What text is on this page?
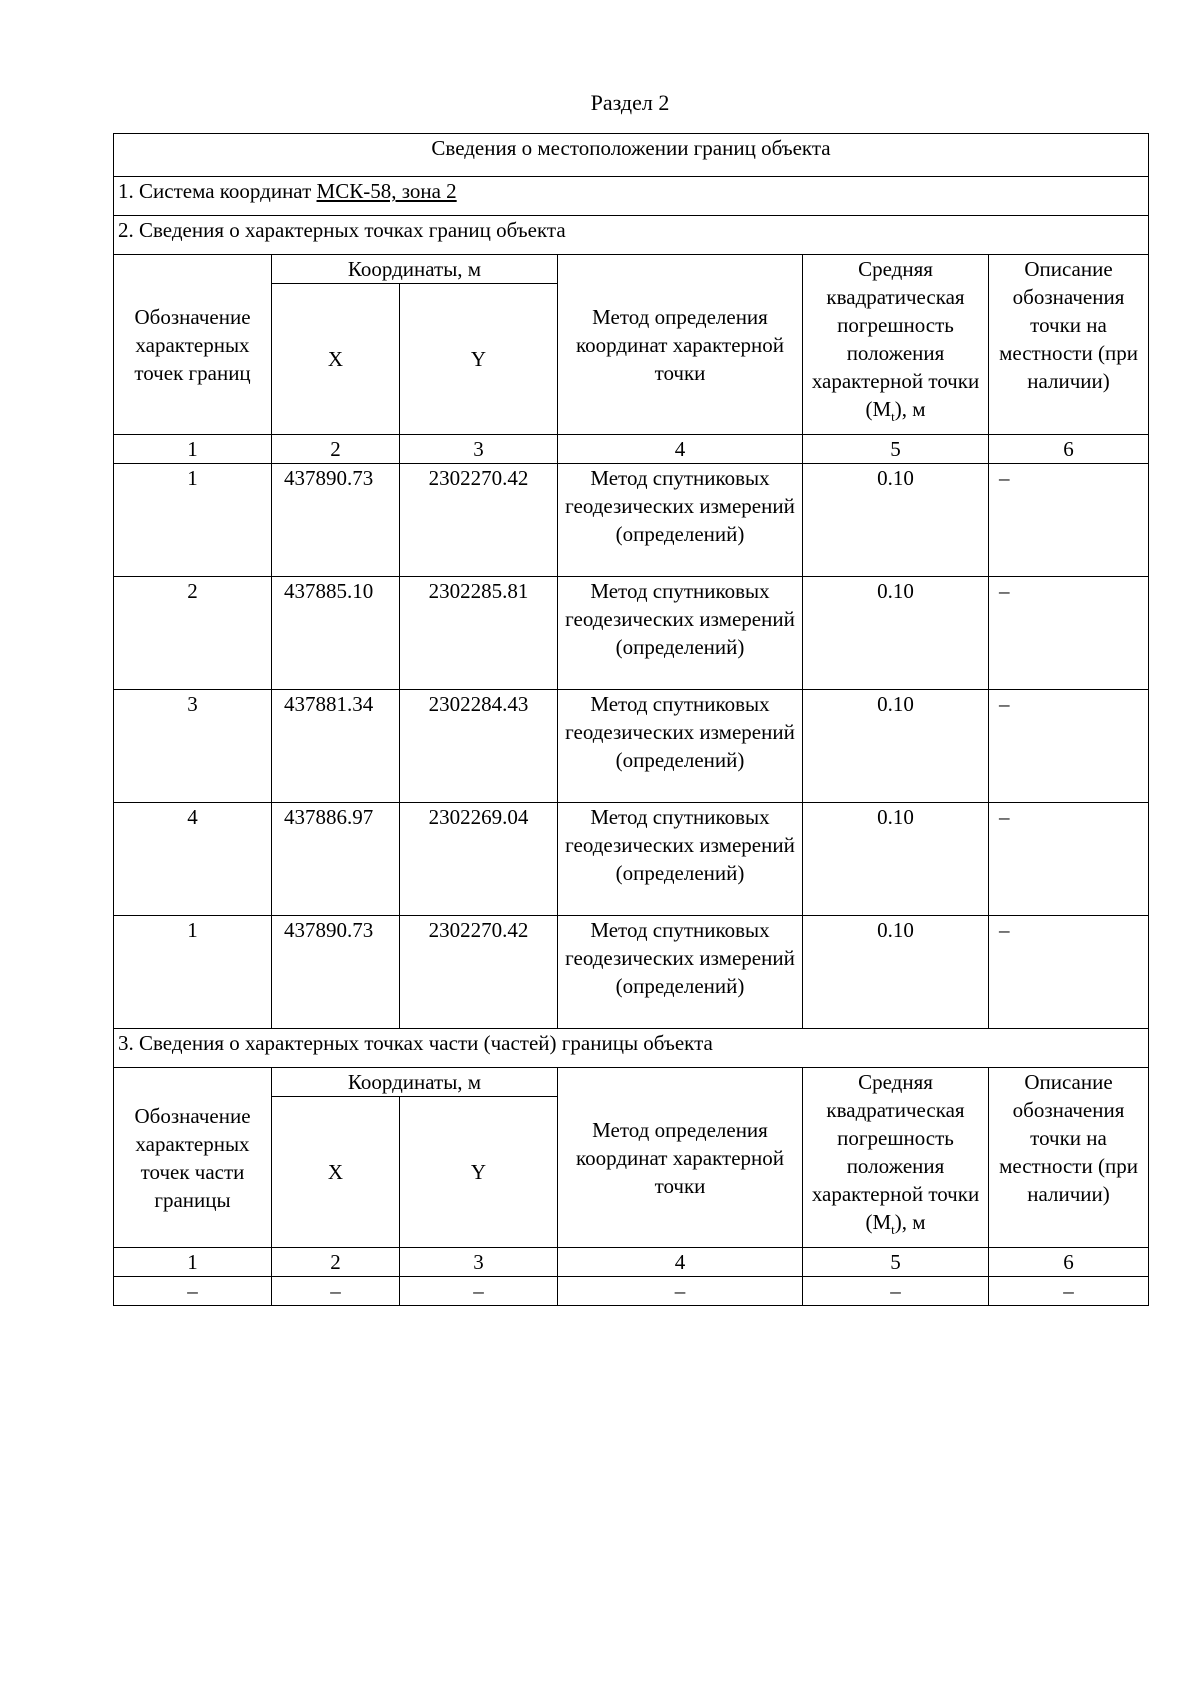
Раздел 2
Сведения о местоположении границ объекта					
1. Система координат МСК-58, зона 2					
2. Сведения о характерных точках границ объекта					
Обозначение характерных точек границ	Координаты, м		Метод определения координат характерной точки	Средняя квадратическая погрешность положения характерной точки $(M_t)$, м	Описание обозначения точки на местности (при наличии)
	X	Y			
1	2	3	4	5	6
1	437890.73	2302270.42	Метод спутниковых геодезических измерений (определений)	0.10	–
2	437885.10	2302285.81	Метод спутниковых геодезических измерений (определений)	0.10	–
3	437881.34	2302284.43	Метод спутниковых геодезических измерений (определений)	0.10	–
4	437886.97	2302269.04	Метод спутниковых геодезических измерений (определений)	0.10	–
1	437890.73	2302270.42	Метод спутниковых геодезических измерений (определений)	0.10	–
3. Сведения о характерных точках части (частей) границы объекта					
Обозначение характерных точек части границы	Координаты, м		Метод определения координат характерной точки	Средняя квадратическая погрешность положения характерной точки $(M_t)$, м	Описание обозначения точки на местности (при наличии)
	X	Y			
1	2	3	4	5	6
–	–	–	–	–	–
